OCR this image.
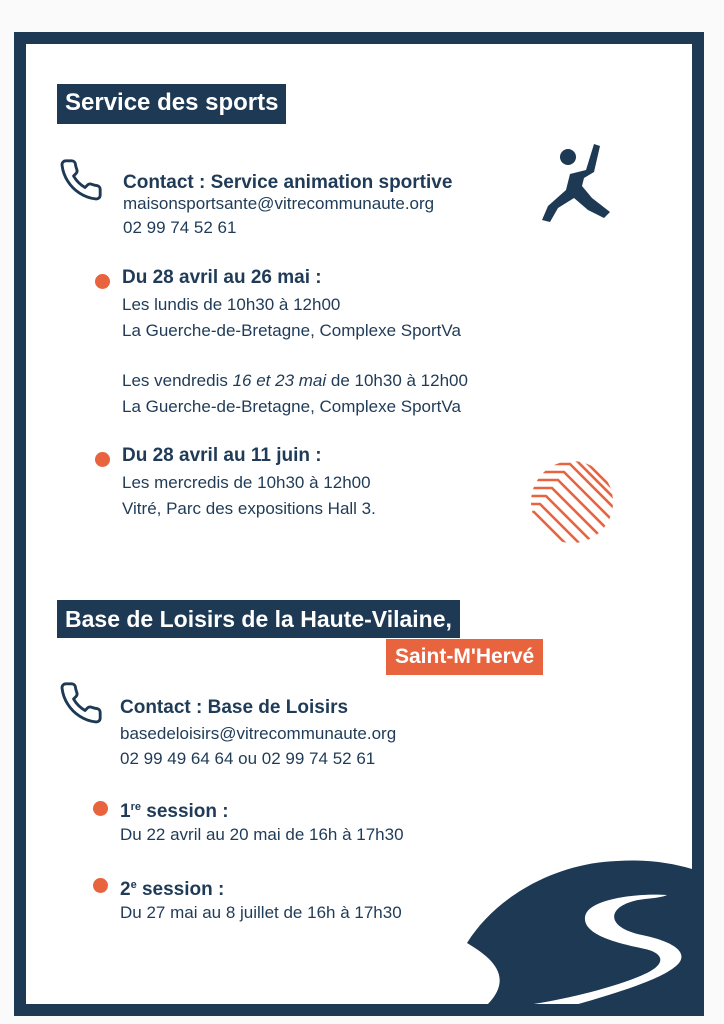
Service des sports
Contact : Service animation sportive
maisonsportsante@vitrecommunaute.org
02 99 74 52 61
Du 28 avril au 26 mai :
Les lundis de 10h30 à 12h00
La Guerche-de-Bretagne, Complexe SportVa
Les vendredis 16 et 23 mai de 10h30 à 12h00
La Guerche-de-Bretagne, Complexe SportVa
Du 28 avril au 11 juin :
Les mercredis de 10h30 à 12h00
Vitré, Parc des expositions Hall 3.
Base de Loisirs de la Haute-Vilaine,
Saint-M'Hervé
Contact : Base de Loisirs
basedeloisirs@vitrecommunaute.org
02 99 49 64 64 ou 02 99 74 52 61
1re session :
Du 22 avril au 20 mai de 16h à 17h30
2e session :
Du 27 mai au 8 juillet de 16h à 17h30
